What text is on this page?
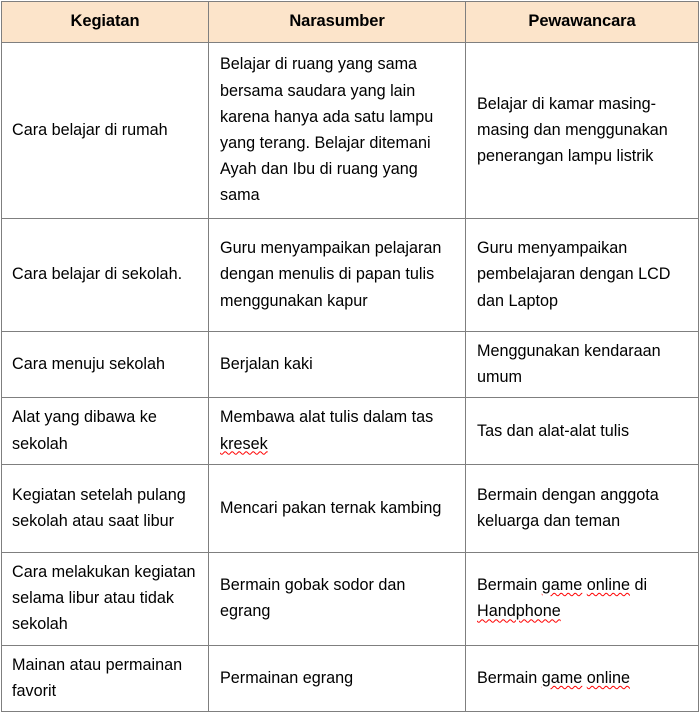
Kegiatan	Narasumber	Pewawancara

Cara belajar di rumah	Belajar di ruang yang sama bersama saudara yang lain karena hanya ada satu lampu yang terang. Belajar ditemani Ayah dan Ibu di ruang yang sama	Belajar di kamar masing-masing dan menggunakan penerangan lampu listrik

Cara belajar di sekolah.	Guru menyampaikan pelajaran dengan menulis di papan tulis menggunakan kapur	Guru menyampaikan pembelajaran dengan LCD dan Laptop

Cara menuju sekolah	Berjalan kaki	Menggunakan kendaraan umum

Alat yang dibawa ke sekolah	Membawa alat tulis dalam tas kresek	Tas dan alat-alat tulis

Kegiatan setelah pulang sekolah atau saat libur	Mencari pakan ternak kambing	Bermain dengan anggota keluarga dan teman

Cara melakukan kegiatan selama libur atau tidak sekolah	Bermain gobak sodor dan egrang	Bermain game online di Handphone

Mainan atau permainan favorit	Permainan egrang	Bermain game online
